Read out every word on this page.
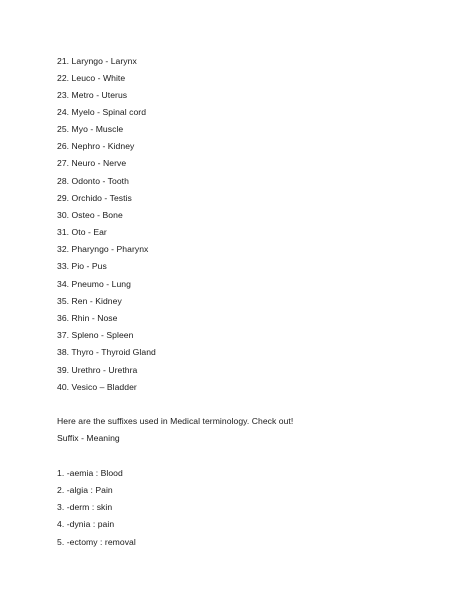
21. Laryngo - Larynx
22. Leuco - White
23. Metro - Uterus
24. Myelo - Spinal cord
25. Myo - Muscle
26. Nephro - Kidney
27. Neuro - Nerve
28. Odonto - Tooth
29. Orchido - Testis
30. Osteo - Bone
31. Oto - Ear
32. Pharyngo - Pharynx
33. Pio - Pus
34. Pneumo - Lung
35. Ren - Kidney
36. Rhin - Nose
37. Spleno - Spleen
38. Thyro - Thyroid Gland
39. Urethro - Urethra
40. Vesico – Bladder
Here are the suffixes used in Medical terminology. Check out!
Suffix - Meaning
1. -aemia : Blood
2. -algia : Pain
3. -derm : skin
4. -dynia : pain
5. -ectomy : removal
